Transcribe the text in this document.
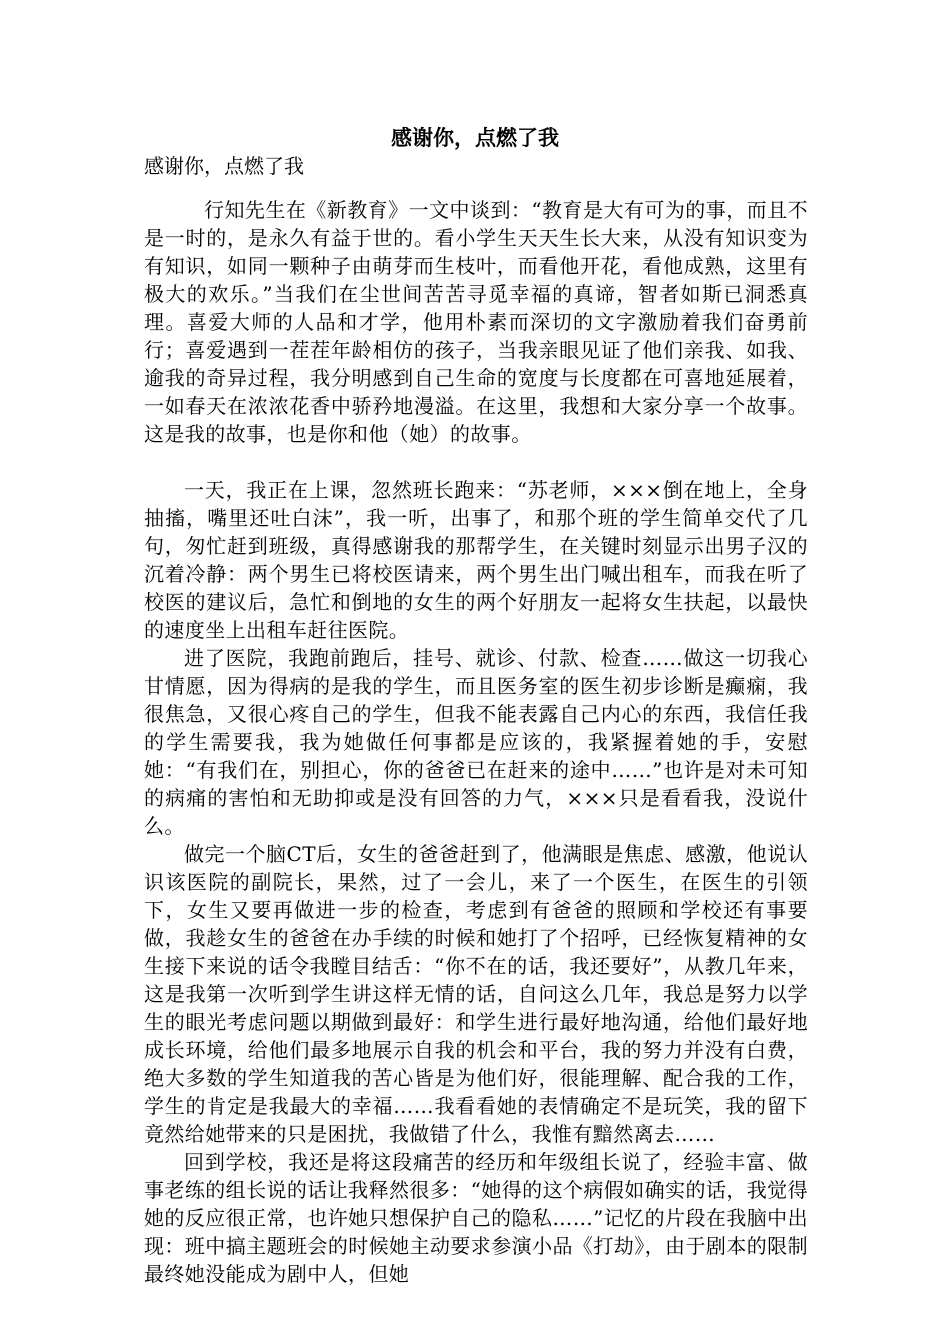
感谢你，点燃了我

感谢你，点燃了我

行知先生在《新教育》一文中谈到：“教育是大有可为的事，而且不是一时的，是永久有益于世的。看小学生天天生长大来，从没有知识变为有知识，如同一颗种子由萌芽而生枝叶，而看他开花，看他成熟，这里有极大的欢乐。”当我们在尘世间苦苦寻觅幸福的真谛，智者如斯已洞悉真理。喜爱大师的人品和才学，他用朴素而深切的文字激励着我们奋勇前行；喜爱遇到一茬茬年龄相仿的孩子，当我亲眼见证了他们亲我、如我、逾我的奇异过程，我分明感到自己生命的宽度与长度都在可喜地延展着，一如春天在浓浓花香中骄矜地漫溢。在这里，我想和大家分享一个故事。这是我的故事，也是你和他（她）的故事。

一天，我正在上课，忽然班长跑来：“苏老师，×××倒在地上，全身抽搐，嘴里还吐白沫”，我一听，出事了，和那个班的学生简单交代了几句，匆忙赶到班级，真得感谢我的那帮学生，在关键时刻显示出男子汉的沉着冷静：两个男生已将校医请来，两个男生出门喊出租车，而我在听了校医的建议后，急忙和倒地的女生的两个好朋友一起将女生扶起，以最快的速度坐上出租车赶往医院。

进了医院，我跑前跑后，挂号、就诊、付款、检查……做这一切我心甘情愿，因为得病的是我的学生，而且医务室的医生初步诊断是癫痫，我很焦急，又很心疼自己的学生，但我不能表露自己内心的东西，我信任我的学生需要我，我为她做任何事都是应该的，我紧握着她的手，安慰她：“有我们在，别担心，你的爸爸已在赶来的途中……”也许是对未可知的病痛的害怕和无助抑或是没有回答的力气，×××只是看看我，没说什么。

做完一个脑CT后，女生的爸爸赶到了，他满眼是焦虑、感激，他说认识该医院的副院长，果然，过了一会儿，来了一个医生，在医生的引领下，女生又要再做进一步的检查，考虑到有爸爸的照顾和学校还有事要做，我趁女生的爸爸在办手续的时候和她打了个招呼，已经恢复精神的女生接下来说的话令我瞠目结舌：“你不在的话，我还要好”，从教几年来，这是我第一次听到学生讲这样无情的话，自问这么几年，我总是努力以学生的眼光考虑问题以期做到最好：和学生进行最好地沟通，给他们最好地成长环境，给他们最多地展示自我的机会和平台，我的努力并没有白费，绝大多数的学生知道我的苦心皆是为他们好，很能理解、配合我的工作，学生的肯定是我最大的幸福……我看看她的表情确定不是玩笑，我的留下竟然给她带来的只是困扰，我做错了什么，我惟有黯然离去……

回到学校，我还是将这段痛苦的经历和年级组长说了，经验丰富、做事老练的组长说的话让我释然很多：“她得的这个病假如确实的话，我觉得她的反应很正常，也许她只想保护自己的隐私……”记忆的片段在我脑中出现：班中搞主题班会的时候她主动要求参演小品《打劫》，由于剧本的限制最终她没能成为剧中人，但她
